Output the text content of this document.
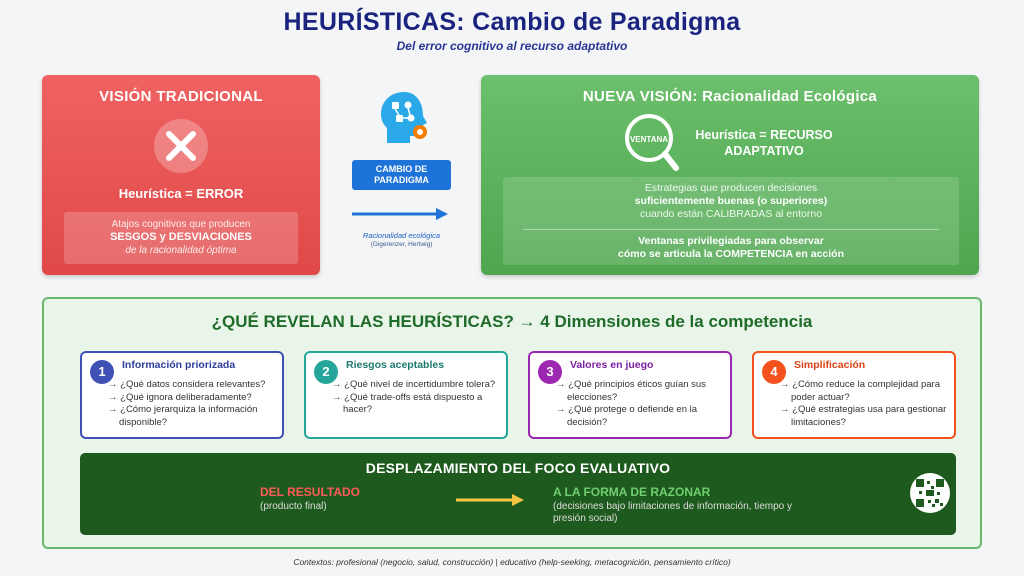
HEURÍSTICAS: Cambio de Paradigma
Del error cognitivo al recurso adaptativo
VISIÓN TRADICIONAL
Heurística = ERROR
Atajos cognitivos que producen
SESGOS y DESVIACIONES
de la racionalidad óptima
CAMBIO DE
PARADIGMA
Racionalidad ecológica
(Gigerenzer, Hertwig)
NUEVA VISIÓN: Racionalidad Ecológica
VENTANA	Heurística = RECURSO
ADAPTATIVO
Estrategias que producen decisiones
suficientemente buenas (o superiores)
cuando están CALIBRADAS al entorno
Ventanas privilegiadas para observar
cómo se articula la COMPETENCIA en acción
¿QUÉ REVELAN LAS HEURÍSTICAS? → 4 Dimensiones de la competencia
1	Información priorizada
→ ¿Qué datos considera relevantes?
→ ¿Qué ignora deliberadamente?
→ ¿Cómo jerarquiza la información disponible?
2	Riesgos aceptables
→ ¿Qué nivel de incertidumbre tolera?
→ ¿Qué trade-offs está dispuesto a hacer?
3	Valores en juego
→ ¿Qué principios éticos guían sus elecciones?
→ ¿Qué protege o defiende en la decisión?
4	Simplificación
→ ¿Cómo reduce la complejidad para poder actuar?
→ ¿Qué estrategias usa para gestionar limitaciones?
DESPLAZAMIENTO DEL FOCO EVALUATIVO
DEL RESULTADO
(producto final)
A LA FORMA DE RAZONAR
(decisiones bajo limitaciones de información, tiempo y presión social)
Contextos: profesional (negocio, salud, construcción) | educativo (help-seeking, metacognición, pensamiento crítico)
